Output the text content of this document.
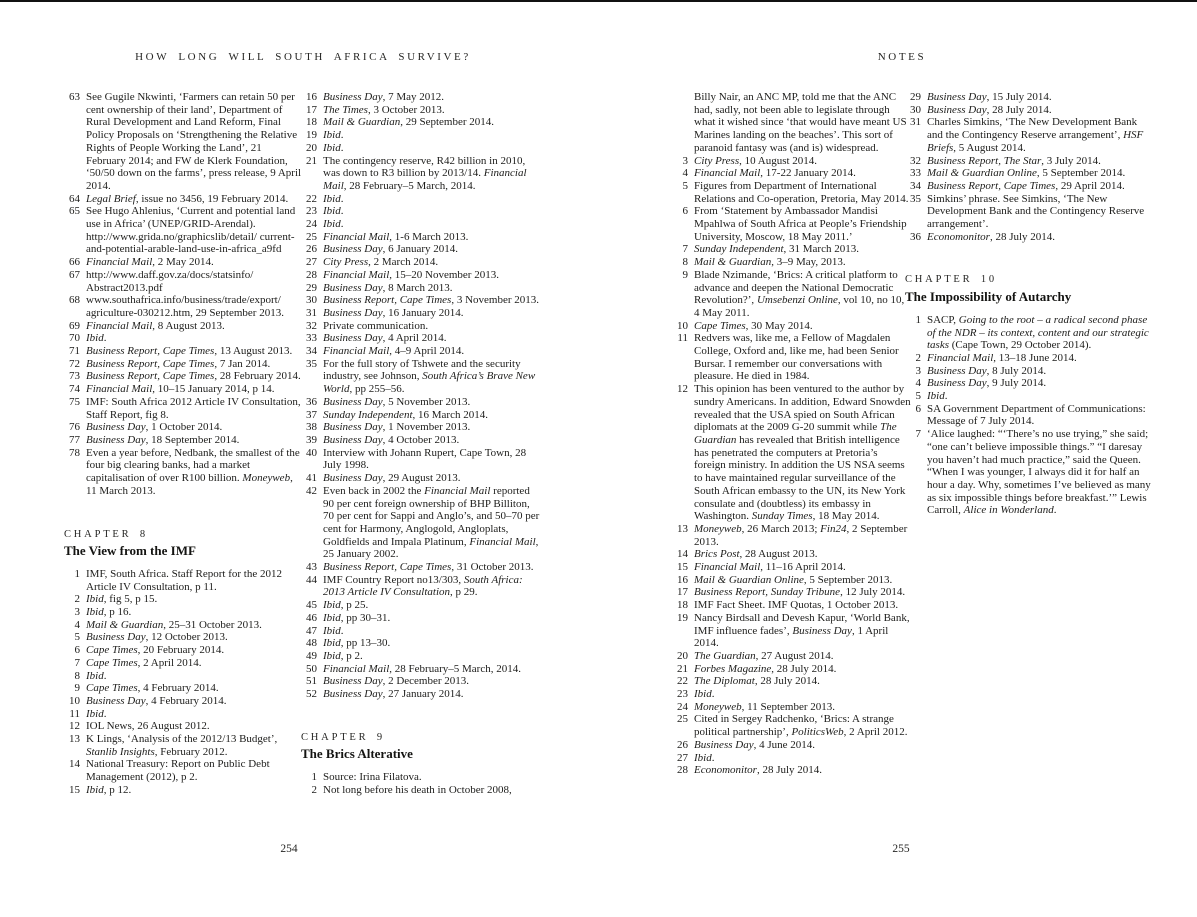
HOW LONG WILL SOUTH AFRICA SURVIVE?	NOTES
63 See Gugile Nkwinti, ‘Farmers can retain 50 per cent ownership of their land’, Department of Rural Development and Land Reform, Final Policy Proposals on ‘Strengthening the Relative Rights of People Working the Land’, 21 February 2014; and FW de Klerk Foundation, ‘50/50 down on the farms’, press release, 9 April 2014.
64 Legal Brief, issue no 3456, 19 February 2014.
65 See Hugo Ahlenius, ‘Current and potential land use in Africa’ (UNEP/GRID-Arendal). http://www.grida.no/graphicslib/detail/ current-and-potential-arable-land-use-in-africa_a9fd
66 Financial Mail, 2 May 2014.
67 http://www.daff.gov.za/docs/statsinfo/ Abstract2013.pdf
68 www.southafrica.info/business/trade/export/ agriculture-030212.htm, 29 September 2013.
69 Financial Mail, 8 August 2013.
70 Ibid.
71 Business Report, Cape Times, 13 August 2013.
72 Business Report, Cape Times, 7 Jan 2014.
73 Business Report, Cape Times, 28 February 2014.
74 Financial Mail, 10–15 January 2014, p 14.
75 IMF: South Africa 2012 Article IV Consultation, Staff Report, fig 8.
76 Business Day, 1 October 2014.
77 Business Day, 18 September 2014.
78 Even a year before, Nedbank, the smallest of the four big clearing banks, had a market capitalisation of over R100 billion. Moneyweb, 11 March 2013.
CHAPTER 8
The View from the IMF
1 IMF, South Africa. Staff Report for the 2012 Article IV Consultation, p 11.
2 Ibid, fig 5, p 15.
3 Ibid, p 16.
4 Mail & Guardian, 25–31 October 2013.
5 Business Day, 12 October 2013.
6 Cape Times, 20 February 2014.
7 Cape Times, 2 April 2014.
8 Ibid.
9 Cape Times, 4 February 2014.
10 Business Day, 4 February 2014.
11 Ibid.
12 IOL News, 26 August 2012.
13 K Lings, ‘Analysis of the 2012/13 Budget’, Stanlib Insights, February 2012.
14 National Treasury: Report on Public Debt Management (2012), p 2.
15 Ibid, p 12.
16 Business Day, 7 May 2012.
17 The Times, 3 October 2013.
18 Mail & Guardian, 29 September 2014.
19 Ibid.
20 Ibid.
21 The contingency reserve, R42 billion in 2010, was down to R3 billion by 2013/14. Financial Mail, 28 February–5 March, 2014.
22 Ibid.
23 Ibid.
24 Ibid.
25 Financial Mail, 1-6 March 2013.
26 Business Day, 6 January 2014.
27 City Press, 2 March 2014.
28 Financial Mail, 15–20 November 2013.
29 Business Day, 8 March 2013.
30 Business Report, Cape Times, 3 November 2013.
31 Business Day, 16 January 2014.
32 Private communication.
33 Business Day, 4 April 2014.
34 Financial Mail, 4–9 April 2014.
35 For the full story of Tshwete and the security industry, see Johnson, South Africa’s Brave New World, pp 255–56.
36 Business Day, 5 November 2013.
37 Sunday Independent, 16 March 2014.
38 Business Day, 1 November 2013.
39 Business Day, 4 October 2013.
40 Interview with Johann Rupert, Cape Town, 28 July 1998.
41 Business Day, 29 August 2013.
42 Even back in 2002 the Financial Mail reported 90 per cent foreign ownership of BHP Billiton, 70 per cent for Sappi and Anglo’s, and 50–70 per cent for Harmony, Anglogold, Angloplats, Goldfields and Impala Platinum, Financial Mail, 25 January 2002.
43 Business Report, Cape Times, 31 October 2013.
44 IMF Country Report no13/303, South Africa: 2013 Article IV Consultation, p 29.
45 Ibid, p 25.
46 Ibid, pp 30–31.
47 Ibid.
48 Ibid, pp 13–30.
49 Ibid, p 2.
50 Financial Mail, 28 February–5 March, 2014.
51 Business Day, 2 December 2013.
52 Business Day, 27 January 2014.
CHAPTER 9
The Brics Alterative
1 Source: Irina Filatova.
2 Not long before his death in October 2008,
Billy Nair, an ANC MP, told me that the ANC had, sadly, not been able to legislate through what it wished since ‘that would have meant US Marines landing on the beaches’. This sort of paranoid fantasy was (and is) widespread.
3 City Press, 10 August 2014.
4 Financial Mail, 17-22 January 2014.
5 Figures from Department of International Relations and Co-operation, Pretoria, May 2014.
6 From ‘Statement by Ambassador Mandisi Mpahlwa of South Africa at People’s Friendship University, Moscow, 18 May 2011.’
7 Sunday Independent, 31 March 2013.
8 Mail & Guardian, 3–9 May, 2013.
9 Blade Nzimande, ‘Brics: A critical platform to advance and deepen the National Democratic Revolution?’, Umsebenzi Online, vol 10, no 10, 4 May 2011.
10 Cape Times, 30 May 2014.
11 Redvers was, like me, a Fellow of Magdalen College, Oxford and, like me, had been Senior Bursar. I remember our conversations with pleasure. He died in 1984.
12 This opinion has been ventured to the author by sundry Americans. In addition, Edward Snowden revealed that the USA spied on South African diplomats at the 2009 G-20 summit while The Guardian has revealed that British intelligence has penetrated the computers at Pretoria’s foreign ministry. In addition the US NSA seems to have maintained regular surveillance of the South African embassy to the UN, its New York consulate and (doubtless) its embassy in Washington. Sunday Times, 18 May 2014.
13 Moneyweb, 26 March 2013; Fin24, 2 September 2013.
14 Brics Post, 28 August 2013.
15 Financial Mail, 11–16 April 2014.
16 Mail & Guardian Online, 5 September 2013.
17 Business Report, Sunday Tribune, 12 July 2014.
18 IMF Fact Sheet. IMF Quotas, 1 October 2013.
19 Nancy Birdsall and Devesh Kapur, ‘World Bank, IMF influence fades’, Business Day, 1 April 2014.
20 The Guardian, 27 August 2014.
21 Forbes Magazine, 28 July 2014.
22 The Diplomat, 28 July 2014.
23 Ibid.
24 Moneyweb, 11 September 2013.
25 Cited in Sergey Radchenko, ‘Brics: A strange political partnership’, PoliticsWeb, 2 April 2012.
26 Business Day, 4 June 2014.
27 Ibid.
28 Economonitor, 28 July 2014.
29 Business Day, 15 July 2014.
30 Business Day, 28 July 2014.
31 Charles Simkins, ‘The New Development Bank and the Contingency Reserve arrangement’, HSF Briefs, 5 August 2014.
32 Business Report, The Star, 3 July 2014.
33 Mail & Guardian Online, 5 September 2014.
34 Business Report, Cape Times, 29 April 2014.
35 Simkins’ phrase. See Simkins, ‘The New Development Bank and the Contingency Reserve arrangement’.
36 Economonitor, 28 July 2014.
CHAPTER 10
The Impossibility of Autarchy
1 SACP, Going to the root – a radical second phase of the NDR – its context, content and our strategic tasks (Cape Town, 29 October 2014).
2 Financial Mail, 13–18 June 2014.
3 Business Day, 8 July 2014.
4 Business Day, 9 July 2014.
5 Ibid.
6 SA Government Department of Communications: Message of 7 July 2014.
7 ‘Alice laughed: “‘There’s no use trying,” she said; “one can’t believe impossible things.” “I daresay you haven’t had much practice,” said the Queen. “When I was younger, I always did it for half an hour a day. Why, sometimes I’ve believed as many as six impossible things before breakfast.’” Lewis Carroll, Alice in Wonderland.
254	255
